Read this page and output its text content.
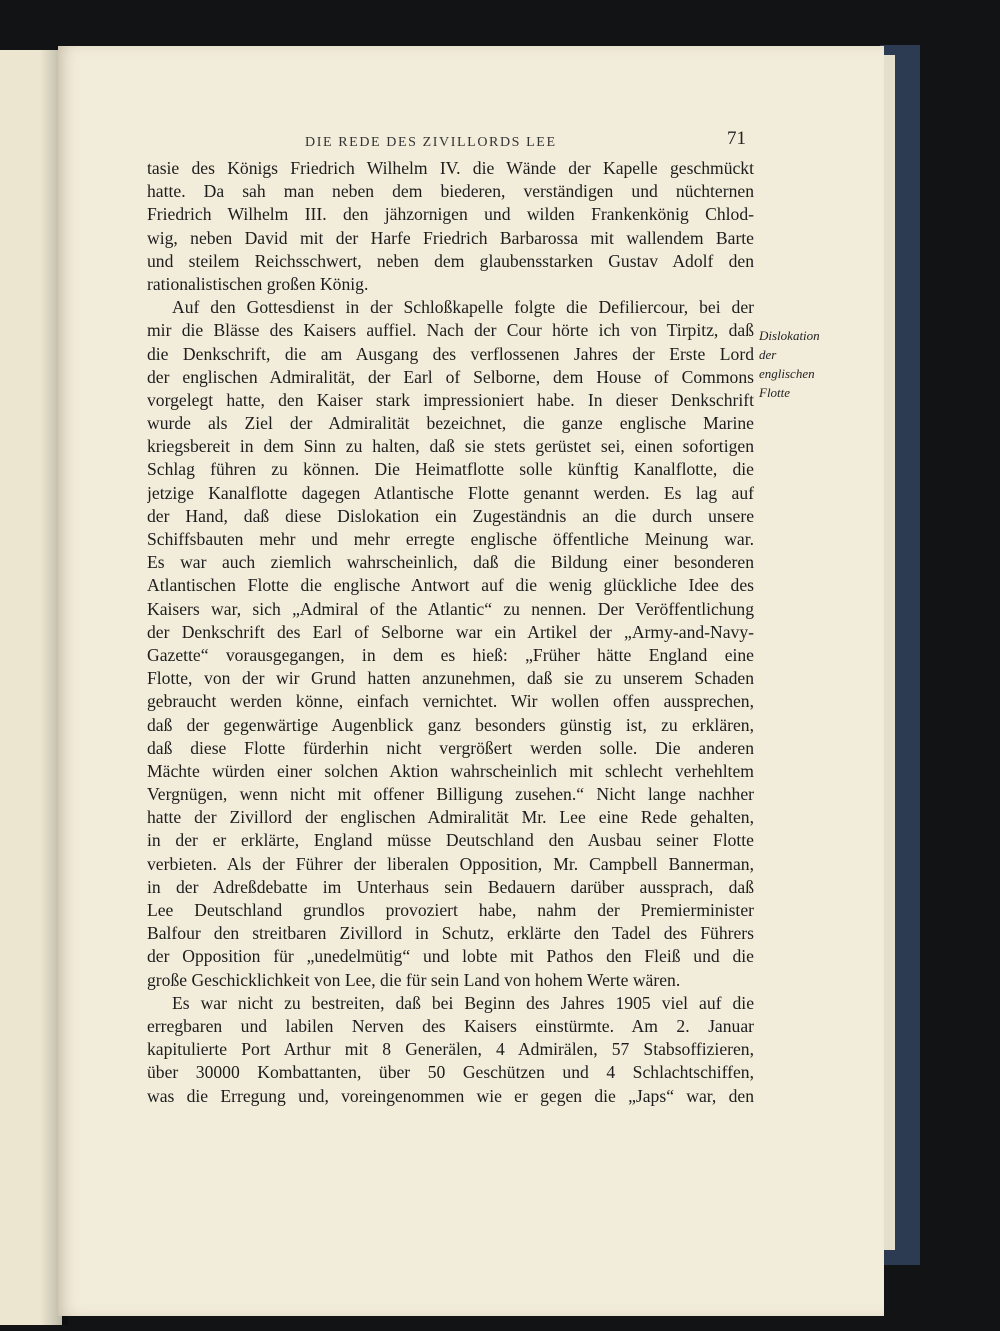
DIE REDE DES ZIVILLORDS LEE	71
tasie des Königs Friedrich Wilhelm IV. die Wände der Kapelle geschmückt
hatte. Da sah man neben dem biederen, verständigen und nüchternen
Friedrich Wilhelm III. den jähzornigen und wilden Frankenkönig Chlod-
wig, neben David mit der Harfe Friedrich Barbarossa mit wallendem Barte
und steilem Reichsschwert, neben dem glaubensstarken Gustav Adolf den
rationalistischen großen König.
Auf den Gottesdienst in der Schloßkapelle folgte die Defiliercour, bei der
mir die Blässe des Kaisers auffiel. Nach der Cour hörte ich von Tirpitz, daß
die Denkschrift, die am Ausgang des verflossenen Jahres der Erste Lord
der englischen Admiralität, der Earl of Selborne, dem House of Commons
vorgelegt hatte, den Kaiser stark impressioniert habe. In dieser Denkschrift
wurde als Ziel der Admiralität bezeichnet, die ganze englische Marine
kriegsbereit in dem Sinn zu halten, daß sie stets gerüstet sei, einen sofortigen
Schlag führen zu können. Die Heimatflotte solle künftig Kanalflotte, die
jetzige Kanalflotte dagegen Atlantische Flotte genannt werden. Es lag auf
der Hand, daß diese Dislokation ein Zugeständnis an die durch unsere
Schiffsbauten mehr und mehr erregte englische öffentliche Meinung war.
Es war auch ziemlich wahrscheinlich, daß die Bildung einer besonderen
Atlantischen Flotte die englische Antwort auf die wenig glückliche Idee des
Kaisers war, sich „Admiral of the Atlantic“ zu nennen. Der Veröffentlichung
der Denkschrift des Earl of Selborne war ein Artikel der „Army-and-Navy-
Gazette“ vorausgegangen, in dem es hieß: „Früher hätte England eine
Flotte, von der wir Grund hatten anzunehmen, daß sie zu unserem Schaden
gebraucht werden könne, einfach vernichtet. Wir wollen offen aussprechen,
daß der gegenwärtige Augenblick ganz besonders günstig ist, zu erklären,
daß diese Flotte fürderhin nicht vergrößert werden solle. Die anderen
Mächte würden einer solchen Aktion wahrscheinlich mit schlecht verhehltem
Vergnügen, wenn nicht mit offener Billigung zusehen.“ Nicht lange nachher
hatte der Zivillord der englischen Admiralität Mr. Lee eine Rede gehalten,
in der er erklärte, England müsse Deutschland den Ausbau seiner Flotte
verbieten. Als der Führer der liberalen Opposition, Mr. Campbell Bannerman,
in der Adreßdebatte im Unterhaus sein Bedauern darüber aussprach, daß
Lee Deutschland grundlos provoziert habe, nahm der Premierminister
Balfour den streitbaren Zivillord in Schutz, erklärte den Tadel des Führers
der Opposition für „unedelmütig“ und lobte mit Pathos den Fleiß und die
große Geschicklichkeit von Lee, die für sein Land von hohem Werte wären.
Es war nicht zu bestreiten, daß bei Beginn des Jahres 1905 viel auf die
erregbaren und labilen Nerven des Kaisers einstürmte. Am 2. Januar
kapitulierte Port Arthur mit 8 Generälen, 4 Admirälen, 57 Stabsoffizieren,
über 30000 Kombattanten, über 50 Geschützen und 4 Schlachtschiffen,
was die Erregung und, voreingenommen wie er gegen die „Japs“ war, den
Dislokation
der
englischen
Flotte
